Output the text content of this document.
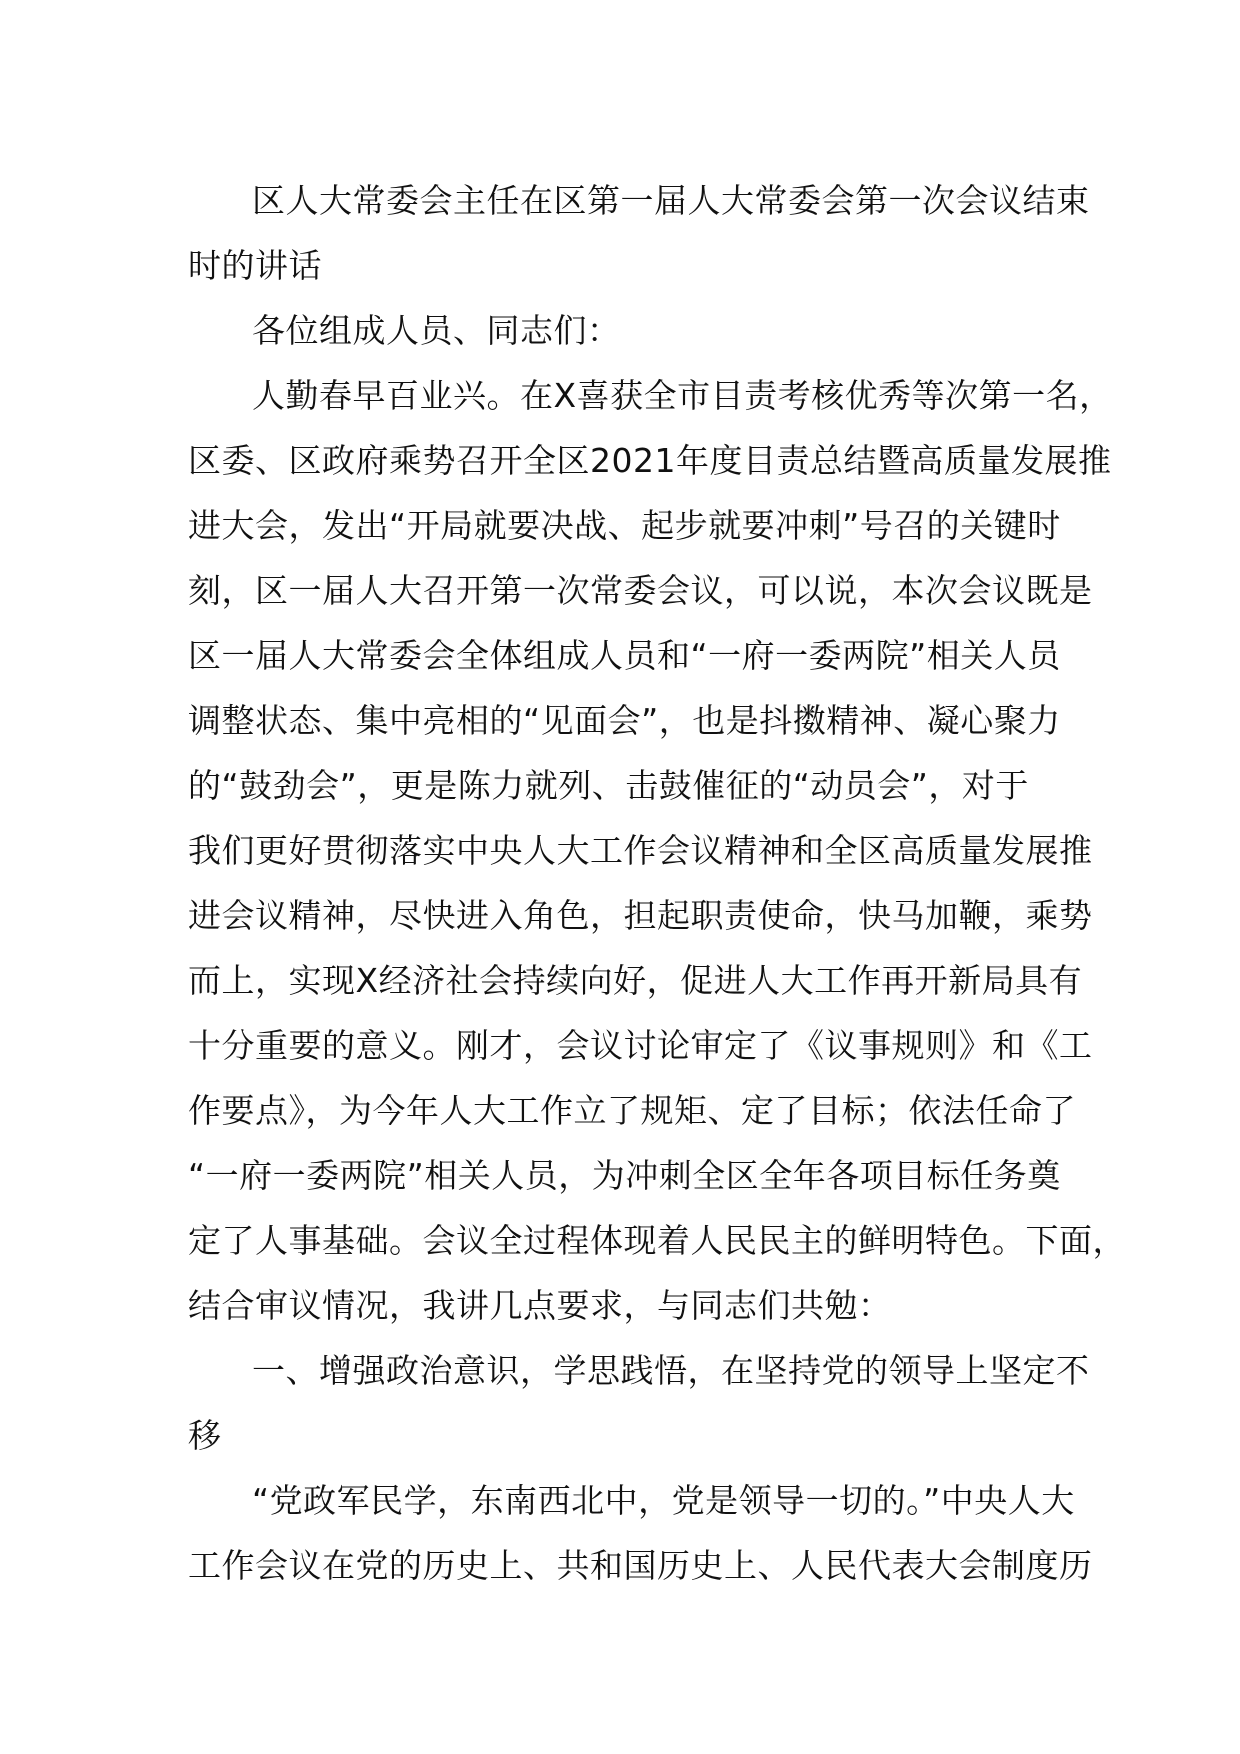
区人大常委会主任在区第一届人大常委会第一次会议结束
时的讲话
各位组成人员、同志们：
人勤春早百业兴。在X喜获全市目责考核优秀等次第一名，
区委、区政府乘势召开全区2021年度目责总结暨高质量发展推
进大会，发出“开局就要决战、起步就要冲刺”号召的关键时
刻，区一届人大召开第一次常委会议，可以说，本次会议既是
区一届人大常委会全体组成人员和“一府一委两院”相关人员
调整状态、集中亮相的“见面会”，也是抖擞精神、凝心聚力
的“鼓劲会”，更是陈力就列、击鼓催征的“动员会”，对于
我们更好贯彻落实中央人大工作会议精神和全区高质量发展推
进会议精神，尽快进入角色，担起职责使命，快马加鞭，乘势
而上，实现X经济社会持续向好，促进人大工作再开新局具有
十分重要的意义。刚才，会议讨论审定了《议事规则》和《工
作要点》，为今年人大工作立了规矩、定了目标；依法任命了
“一府一委两院”相关人员，为冲刺全区全年各项目标任务奠
定了人事基础。会议全过程体现着人民民主的鲜明特色。下面，
结合审议情况，我讲几点要求，与同志们共勉：
一、增强政治意识，学思践悟，在坚持党的领导上坚定不
移
“党政军民学，东南西北中，党是领导一切的。”中央人大
工作会议在党的历史上、共和国历史上、人民代表大会制度历
